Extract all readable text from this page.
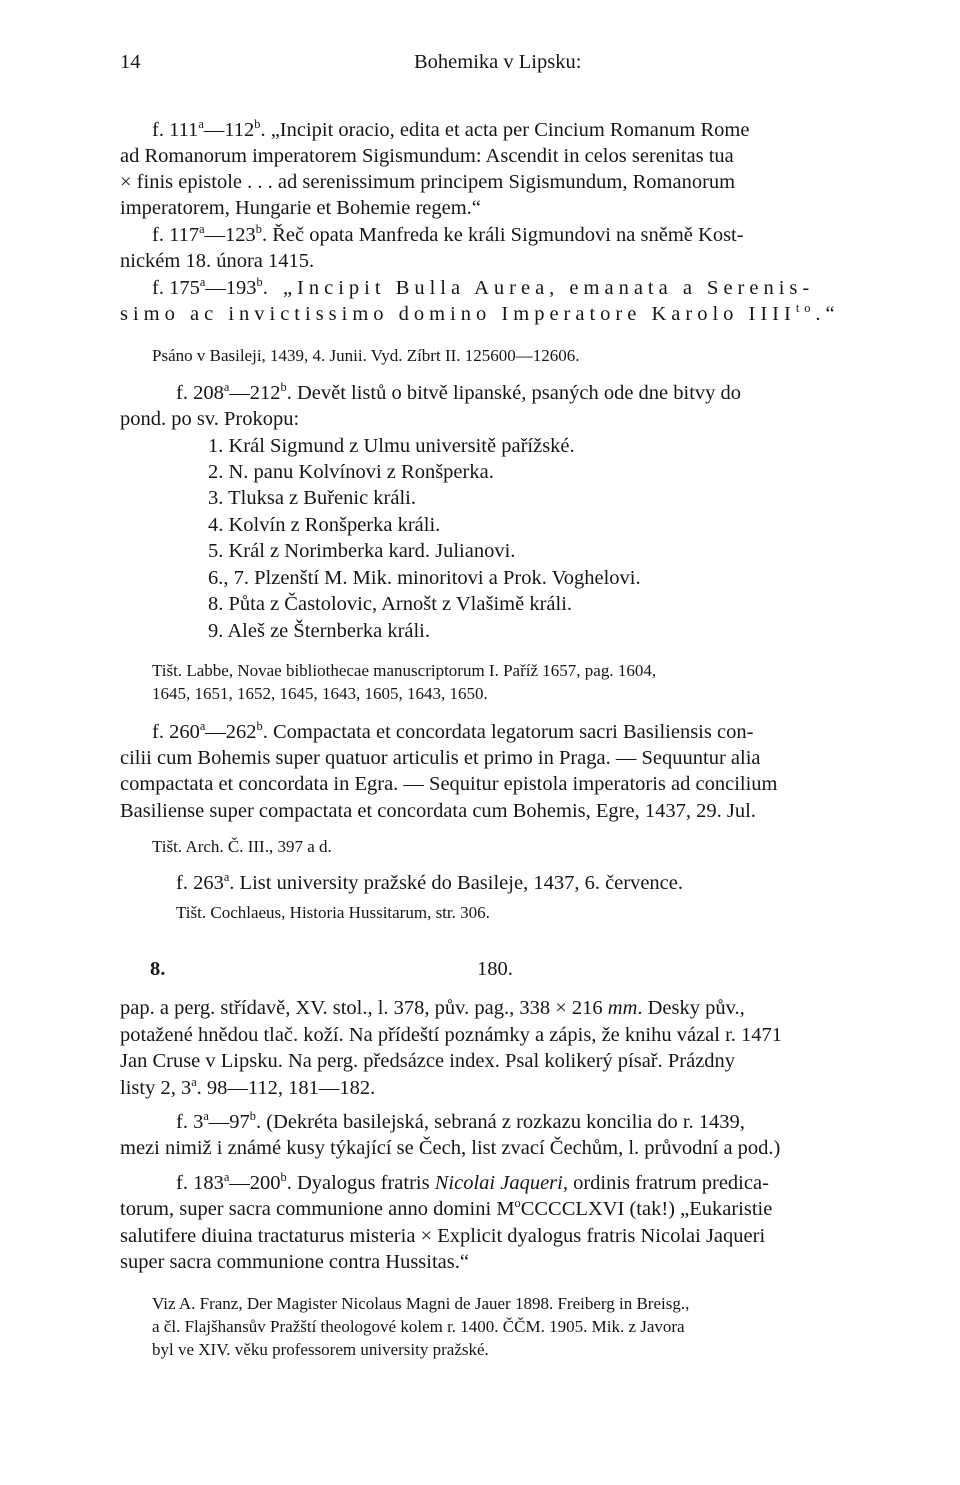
14	Bohemika v Lipsku:
f. 111$^a$—112$^b$. „Incipit oracio, edita et acta per Cincium Romanum Rome
ad Romanorum imperatorem Sigismundum: Ascendit in celos serenitas tua
× finis epistole . . . ad serenissimum principem Sigismundum, Romanorum
imperatorem, Hungarie et Bohemie regem.“
f. 117$^a$—123$^b$. Řeč opata Manfreda ke králi Sigmundovi na sněmě Kost-
nickém 18. února 1415.
f. 175$^a$—193$^b$. „Incipit Bulla Aurea, emanata a Serenis-
simo ac invictissimo domino Imperatore Karolo $IIII^{to}.“$
Psáno v Basileji, 1439, 4. Junii. Vyd. Zíbrt II. 125600—12606.
f. 208$^a$—212$^b$. Devět listů o bitvě lipanské, psaných ode dne bitvy do
pond. po sv. Prokopu:
1. Král Sigmund z Ulmu universitě pařížské.
2. N. panu Kolvínovi z Ronšperka.
3. Tluksa z Buřenic králi.
4. Kolvín z Ronšperka králi.
5. Král z Norimberka kard. Julianovi.
6., 7. Plzenští M. Mik. minoritovi a Prok. Voghelovi.
8. Půta z Častolovic, Arnošt z Vlašimě králi.
9. Aleš ze Šternberka králi.
Tišt. Labbe, Novae bibliothecae manuscriptorum I. Paříž 1657, pag. 1604,
1645, 1651, 1652, 1645, 1643, 1605, 1643, 1650.
f. 260$^a$—262$^b$. Compactata et concordata legatorum sacri Basiliensis con-
cilii cum Bohemis super quatuor articulis et primo in Praga. — Sequuntur alia
compactata et concordata in Egra. — Sequitur epistola imperatoris ad concilium
Basiliense super compactata et concordata cum Bohemis, Egre, 1437, 29. Jul.
Tišt. Arch. Č. III., 397 a d.
f. 263$^a$. List university pražské do Basileje, 1437, 6. července.
Tišt. Cochlaeus, Historia Hussitarum, str. 306.
8.	180.
pap. a perg. střídavě, XV. stol., l. 378, pův. pag., 338 × 216 mm. Desky pův.,
potažené hnědou tlač. koží. Na přídeští poznámky a zápis, že knihu vázal r. 1471
Jan Cruse v Lipsku. Na perg. předsázce index. Psal kolikerý písař. Prázdny
listy 2, 3$^a$. 98—112, 181—182.
f. 3$^a$—97$^b$. (Dekréta basilejská, sebraná z rozkazu koncilia do r. 1439,
mezi nimiž i známé kusy týkající se Čech, list zvací Čechům, l. průvodní a pod.)
f. 183$^a$—200$^b$. Dyalogus fratris Nicolai Jaqueri, ordinis fratrum predica-
torum, super sacra communione anno domini $M^oCCCCLXVI$ (tak!) „Eukaristie
salutifere diuina tractaturus misteria × Explicit dyalogus fratris Nicolai Jaqueri
super sacra communione contra Hussitas.“
Viz A. Franz, Der Magister Nicolaus Magni de Jauer 1898. Freiberg in Breisg.,
a čl. Flajšhansův Pražští theologové kolem r. 1400. ČČM. 1905. Mik. z Javora
byl ve XIV. věku professorem university pražské.
